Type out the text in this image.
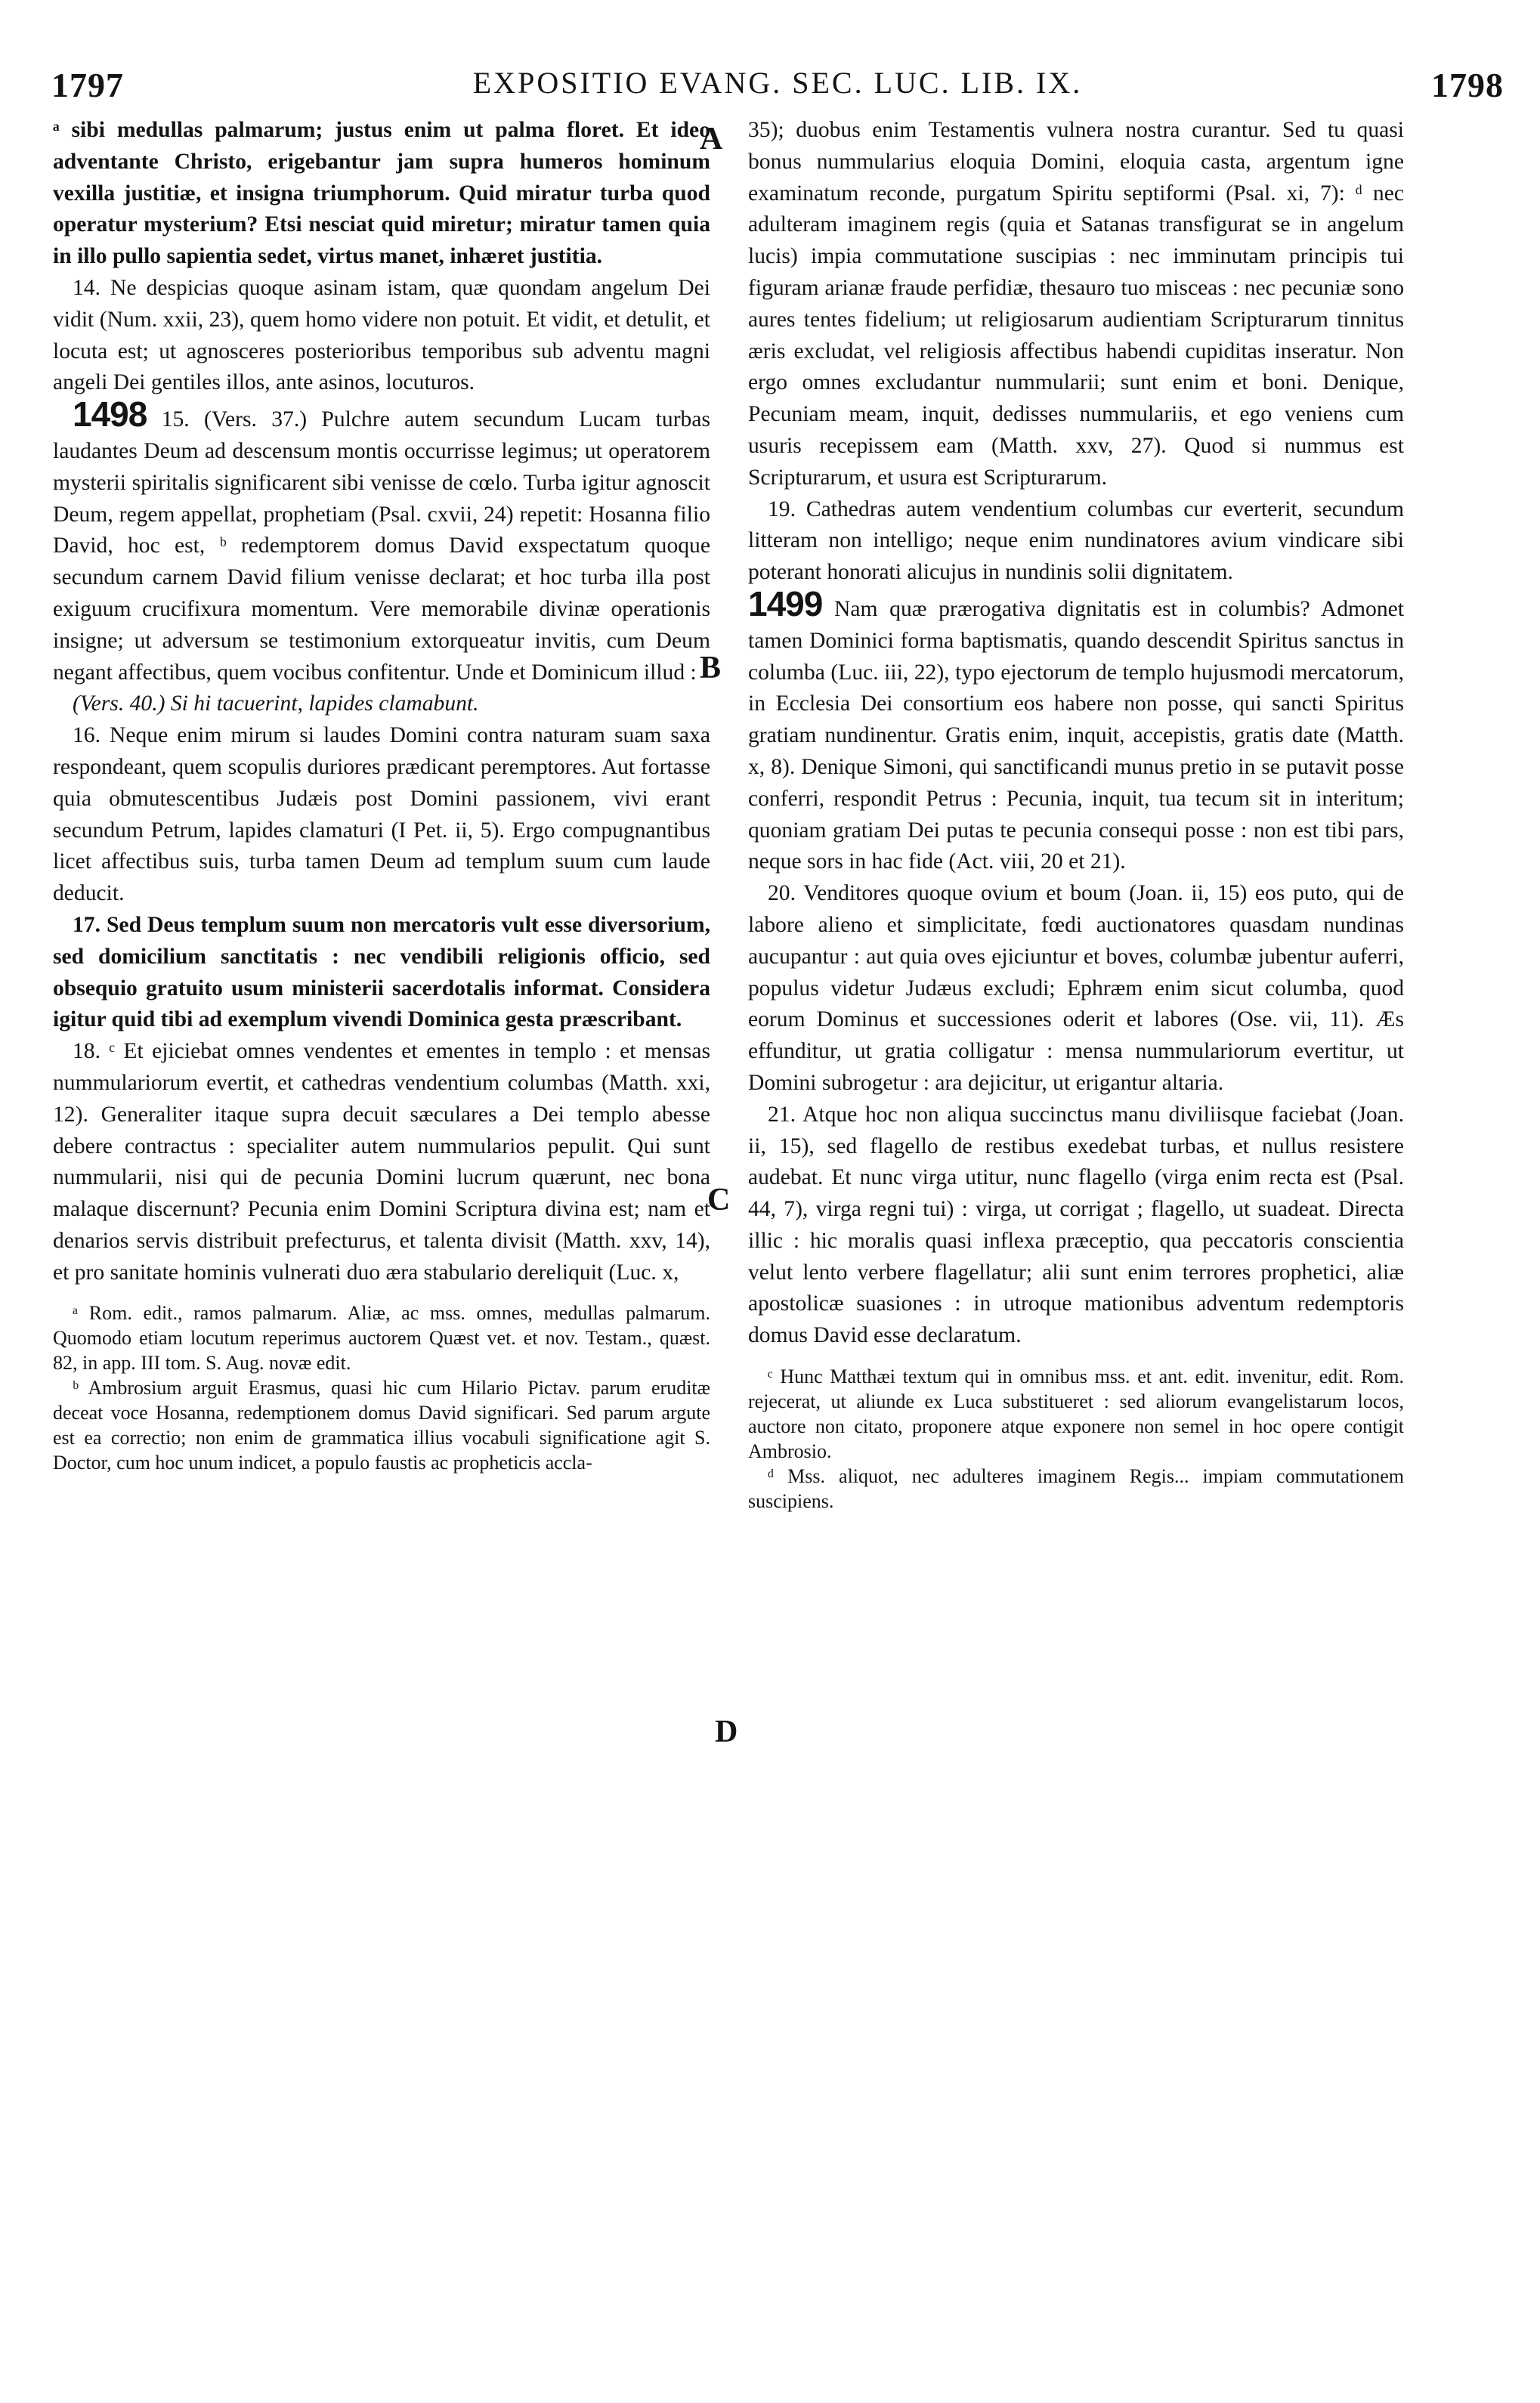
1797	EXPOSITIO EVANG. SEC. LUC. LIB. IX.	1798
A
B
C
D

ᵃ sibi medullas palmarum; justus enim ut palma floret. Et ideo adventante Christo, erigebantur jam supra humeros hominum vexilla justitiæ, et insigna triumphorum. Quid miratur turba quod operatur mysterium? Etsi nesciat quid miretur; miratur tamen quia in illo pullo sapientia sedet, virtus manet, inhæret justitia.

14. Ne despicias quoque asinam istam, quæ quondam angelum Dei vidit (Num. xxii, 23), quem homo videre non potuit. Et vidit, et detulit, et locuta est; ut agnosceres posterioribus temporibus sub adventu magni angeli Dei gentiles illos, ante asinos, locuturos.

1498 15. (Vers. 37.) Pulchre autem secundum Lucam turbas laudantes Deum ad descensum montis occurrisse legimus; ut operatorem mysterii spiritalis significarent sibi venisse de cœlo. Turba igitur agnoscit Deum, regem appellat, prophetiam (Psal. cxvii, 24) repetit: Hosanna filio David, hoc est, ᵇ redemptorem domus David exspectatum quoque secundum carnem David filium venisse declarat; et hoc turba illa post exiguum crucifixura momentum. Vere memorabile divinæ operationis insigne; ut adversum se testimonium extorqueatur invitis, cum Deum negant affectibus, quem vocibus confitentur. Unde et Dominicum illud :

(Vers. 40.) Si hi tacuerint, lapides clamabunt.

16. Neque enim mirum si laudes Domini contra naturam suam saxa respondeant, quem scopulis duriores prædicant peremptores. Aut fortasse quia obmutescentibus Judæis post Domini passionem, vivi erant secundum Petrum, lapides clamaturi (I Pet. ii, 5). Ergo compugnantibus licet affectibus suis, turba tamen Deum ad templum suum cum laude deducit.

17. Sed Deus templum suum non mercatoris vult esse diversorium, sed domicilium sanctitatis : nec vendibili religionis officio, sed obsequio gratuito usum ministerii sacerdotalis informat. Considera igitur quid tibi ad exemplum vivendi Dominica gesta præscribant.

18. ᶜ Et ejiciebat omnes vendentes et ementes in templo : et mensas nummulariorum evertit, et cathedras vendentium columbas (Matth. xxi, 12). Generaliter itaque supra decuit sæculares a Dei templo abesse debere contractus : specialiter autem nummularios pepulit. Qui sunt nummularii, nisi qui de pecunia Domini lucrum quærunt, nec bona malaque discernunt? Pecunia enim Domini Scriptura divina est; nam et denarios servis distribuit prefecturus, et talenta divisit (Matth. xxv, 14), et pro sanitate hominis vulnerati duo æra stabulario dereliquit (Luc. x,

ᵃ Rom. edit., ramos palmarum. Aliæ, ac mss. omnes, medullas palmarum. Quomodo etiam locutum reperimus auctorem Quæst vet. et nov. Testam., quæst. 82, in app. III tom. S. Aug. novæ edit.

ᵇ Ambrosium arguit Erasmus, quasi hic cum Hilario Pictav. parum eruditæ deceat voce Hosanna, redemptionem domus David significari. Sed parum argute est ea correctio; non enim de grammatica illius vocabuli significatione agit S. Doctor, cum hoc unum indicet, a populo faustis ac propheticis accla-

35); duobus enim Testamentis vulnera nostra curantur. Sed tu quasi bonus nummularius eloquia Domini, eloquia casta, argentum igne examinatum reconde, purgatum Spiritu septiformi (Psal. xi, 7): ᵈ nec adulteram imaginem regis (quia et Satanas transfigurat se in angelum lucis) impia commutatione suscipias : nec imminutam principis tui figuram arianæ fraude perfidiæ, thesauro tuo misceas : nec pecuniæ sono aures tentes fidelium; ut religiosarum audientiam Scripturarum tinnitus æris excludat, vel religiosis affectibus habendi cupiditas inseratur. Non ergo omnes excludantur nummularii; sunt enim et boni. Denique, Pecuniam meam, inquit, dedisses nummulariis, et ego veniens cum usuris recepissem eam (Matth. xxv, 27). Quod si nummus est Scripturarum, et usura est Scripturarum.

19. Cathedras autem vendentium columbas cur everterit, secundum litteram non intelligo; neque enim nundinatores avium vindicare sibi poterant honorati alicujus in nundinis solii dignitatem.

1499 Nam quæ prærogativa dignitatis est in columbis? Admonet tamen Dominici forma baptismatis, quando descendit Spiritus sanctus in columba (Luc. iii, 22), typo ejectorum de templo hujusmodi mercatorum, in Ecclesia Dei consortium eos habere non posse, qui sancti Spiritus gratiam nundinentur. Gratis enim, inquit, accepistis, gratis date (Matth. x, 8). Denique Simoni, qui sanctificandi munus pretio in se putavit posse conferri, respondit Petrus : Pecunia, inquit, tua tecum sit in interitum; quoniam gratiam Dei putas te pecunia consequi posse : non est tibi pars, neque sors in hac fide (Act. viii, 20 et 21).

20. Venditores quoque ovium et boum (Joan. ii, 15) eos puto, qui de labore alieno et simplicitate, fœdi auctionatores quasdam nundinas aucupantur : aut quia oves ejiciuntur et boves, columbæ jubentur auferri, populus videtur Judæus excludi; Ephræm enim sicut columba, quod eorum Dominus et successiones oderit et labores (Ose. vii, 11). Æs effunditur, ut gratia colligatur : mensa nummulariorum evertitur, ut Domini subrogetur : ara dejicitur, ut erigantur altaria.

21. Atque hoc non aliqua succinctus manu diviliisque faciebat (Joan. ii, 15), sed flagello de restibus exedebat turbas, et nullus resistere audebat. Et nunc virga utitur, nunc flagello (virga enim recta est (Psal. 44, 7), virga regni tui) : virga, ut corrigat ; flagello, ut suadeat. Directa illic : hic moralis quasi inflexa præceptio, qua peccatoris conscientia velut lento verbere flagellatur; alii sunt enim terrores prophetici, aliæ apostolicæ suasiones : in utroque mationibus adventum redemptoris domus David esse declaratum.

ᶜ Hunc Matthæi textum qui in omnibus mss. et ant. edit. invenitur, edit. Rom. rejecerat, ut aliunde ex Luca substitueret : sed aliorum evangelistarum locos, auctore non citato, proponere atque exponere non semel in hoc opere contigit Ambrosio.

ᵈ Mss. aliquot, nec adulteres imaginem Regis... impiam commutationem suscipiens.
